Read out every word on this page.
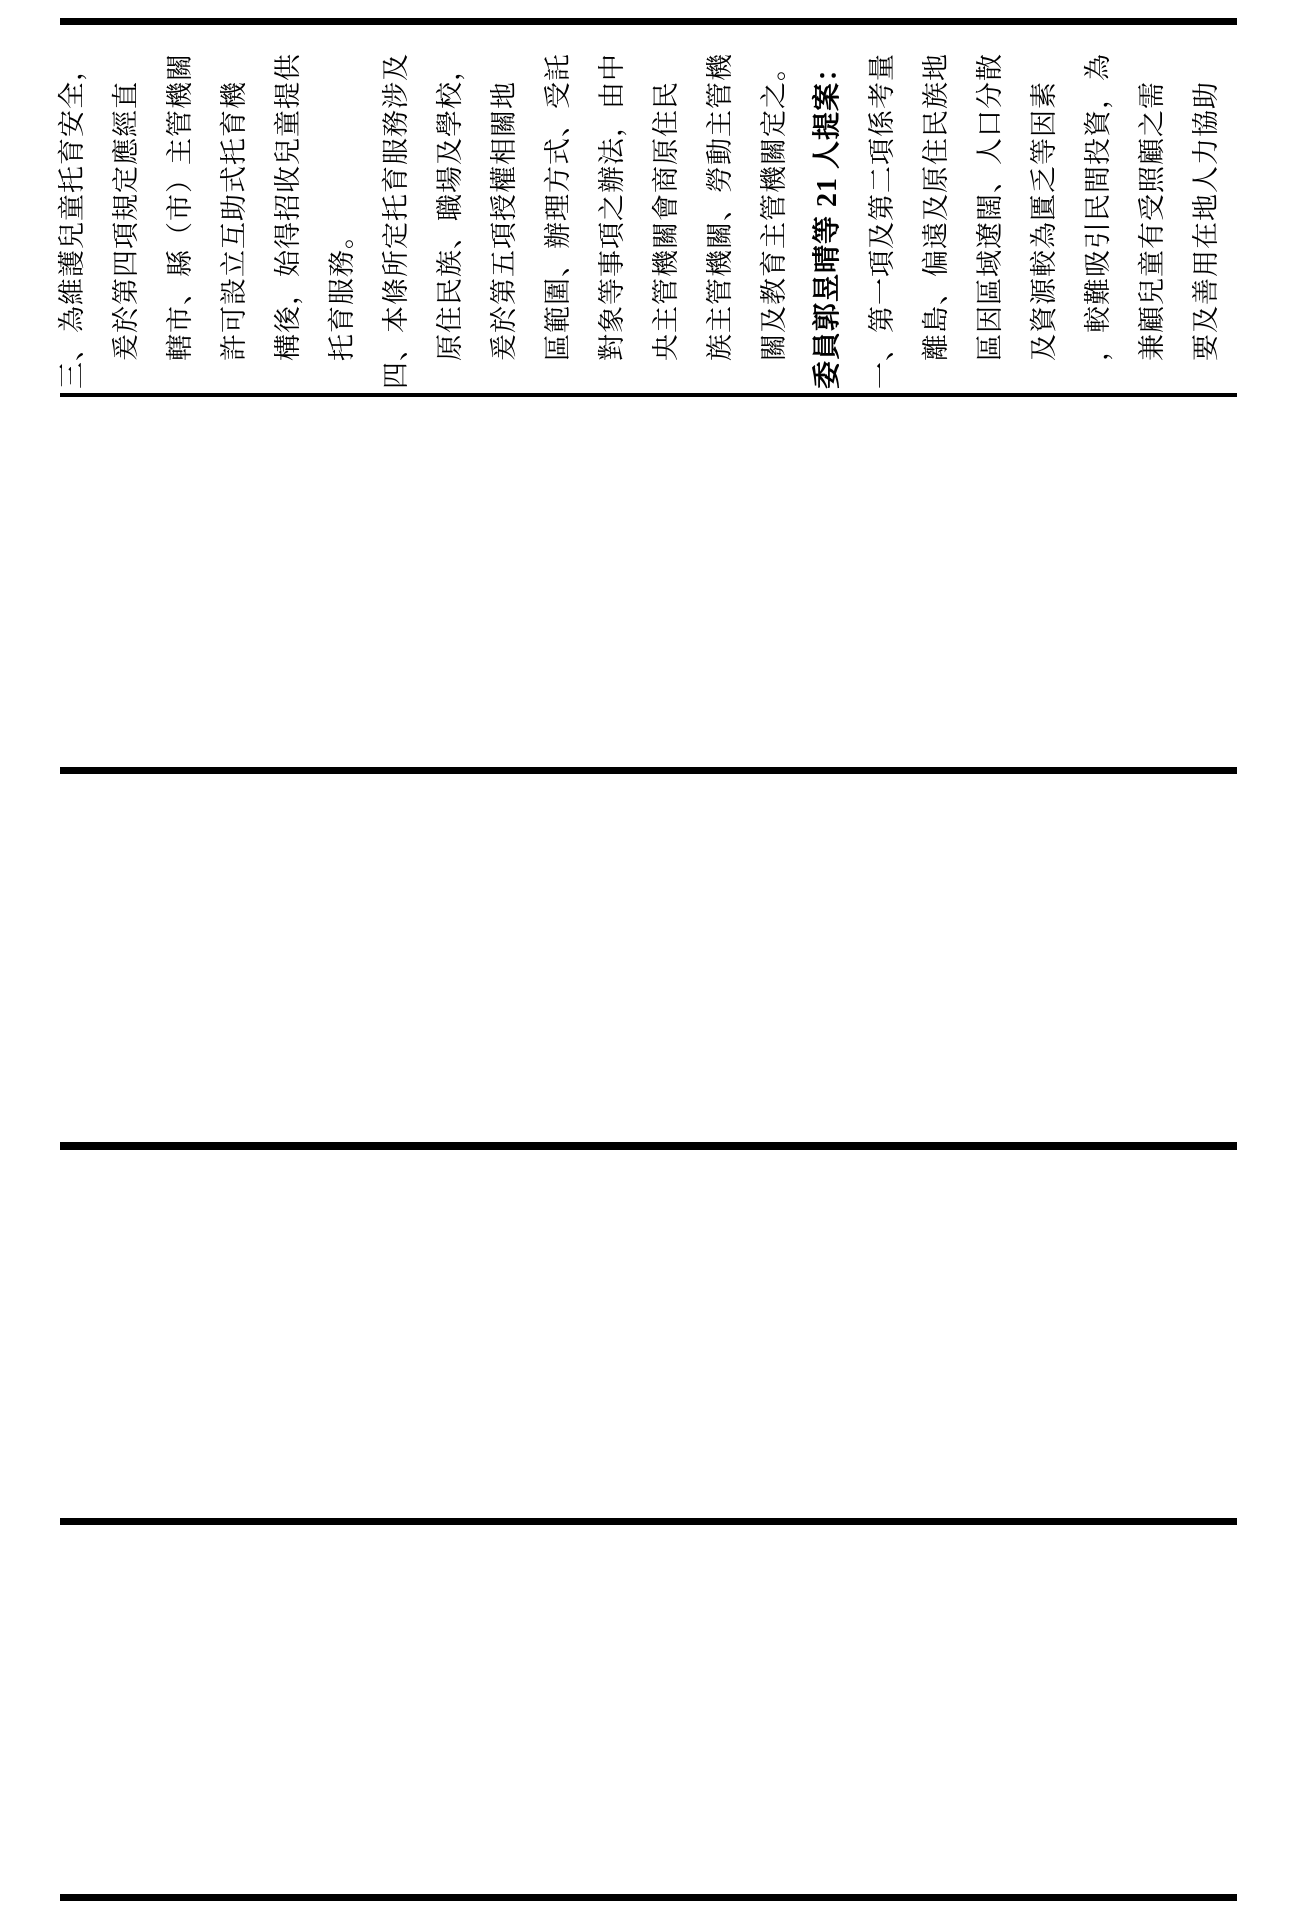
三、為維護兒童托育安全， 爰於第四項規定應經直 轄市、縣（市）主管機關 許可設立互助式托育機 構後，始得招收兒童提供 托育服務。 四、本條所定托育服務涉及 原住民族、職場及學校， 爰於第五項授權相關地 區範圍、辦理方式、受託 對象等事項之辦法，由中 央主管機關會商原住民 族主管機關、勞動主管機 關及教育主管機關定之。 委員郭昱晴等 21 人提案： 一、第一項及第二項係考量 離島、偏遠及原住民族地 區因區域遼闊、人口分散 及資源較為匱乏等因素 ，較難吸引民間投資，為 兼顧兒童有受照顧之需 要及善用在地人力協助
